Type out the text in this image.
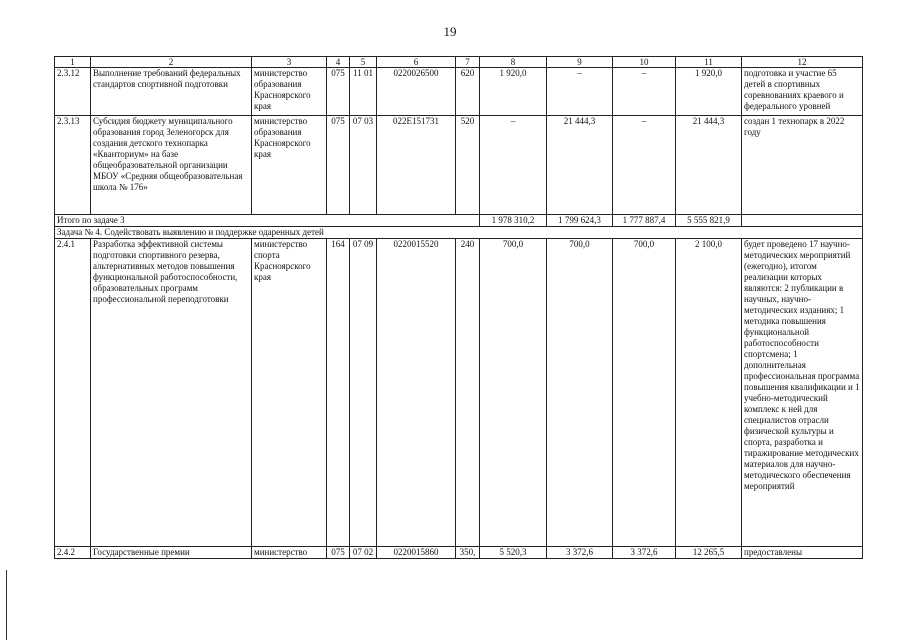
19
1	2	3	4	5	6	7	8	9	10	11	12
2.3.12	Выполнение требований федеральных стандартов спортивной подготовки	министерство образования Красноярского края	075	11 01	0220026500	620	1 920,0	–	–	1 920,0	подготовка и участие 65 детей в спортивных соревнованиях краевого и федерального уровней
2.3.13	Субсидия бюджету муниципального образования город Зеленогорск для создания детского технопарка «Кванториум» на базе общеобразовательной организации МБОУ «Средняя общеобразовательная школа № 176»	министерство образования Красноярского края	075	07 03	022E151731	520	–	21 444,3	–	21 444,3	создан 1 технопарк в 2022 году
Итого по задаче 3							1 978 310,2	1 799 624,3	1 777 887,4	5 555 821,9	
Задача № 4. Содействовать выявлению и поддержке одаренных детей											
2.4.1	Разработка эффективной системы подготовки спортивного резерва, альтернативных методов повышения функциональной работоспособности, образовательных программ профессиональной переподготовки	министерство спорта Красноярского края	164	07 09	0220015520	240	700,0	700,0	700,0	2 100,0	будет проведено 17 научно-методических мероприятий (ежегодно), итогом реализации которых являются: 2 публикации в научных, научно-методических изданиях; 1 методика повышения функциональной работоспособности спортсмена; 1 дополнительная профессиональная программа повышения квалификации и 1 учебно-методический комплекс к ней для специалистов отрасли физической культуры и спорта, разработка и тиражирование методических материалов для научно-методического обеспечения мероприятий
2.4.2	Государственные премии	министерство	075	07 02	0220015860	350,	5 520,3	3 372,6	3 372,6	12 265,5	предоставлены
